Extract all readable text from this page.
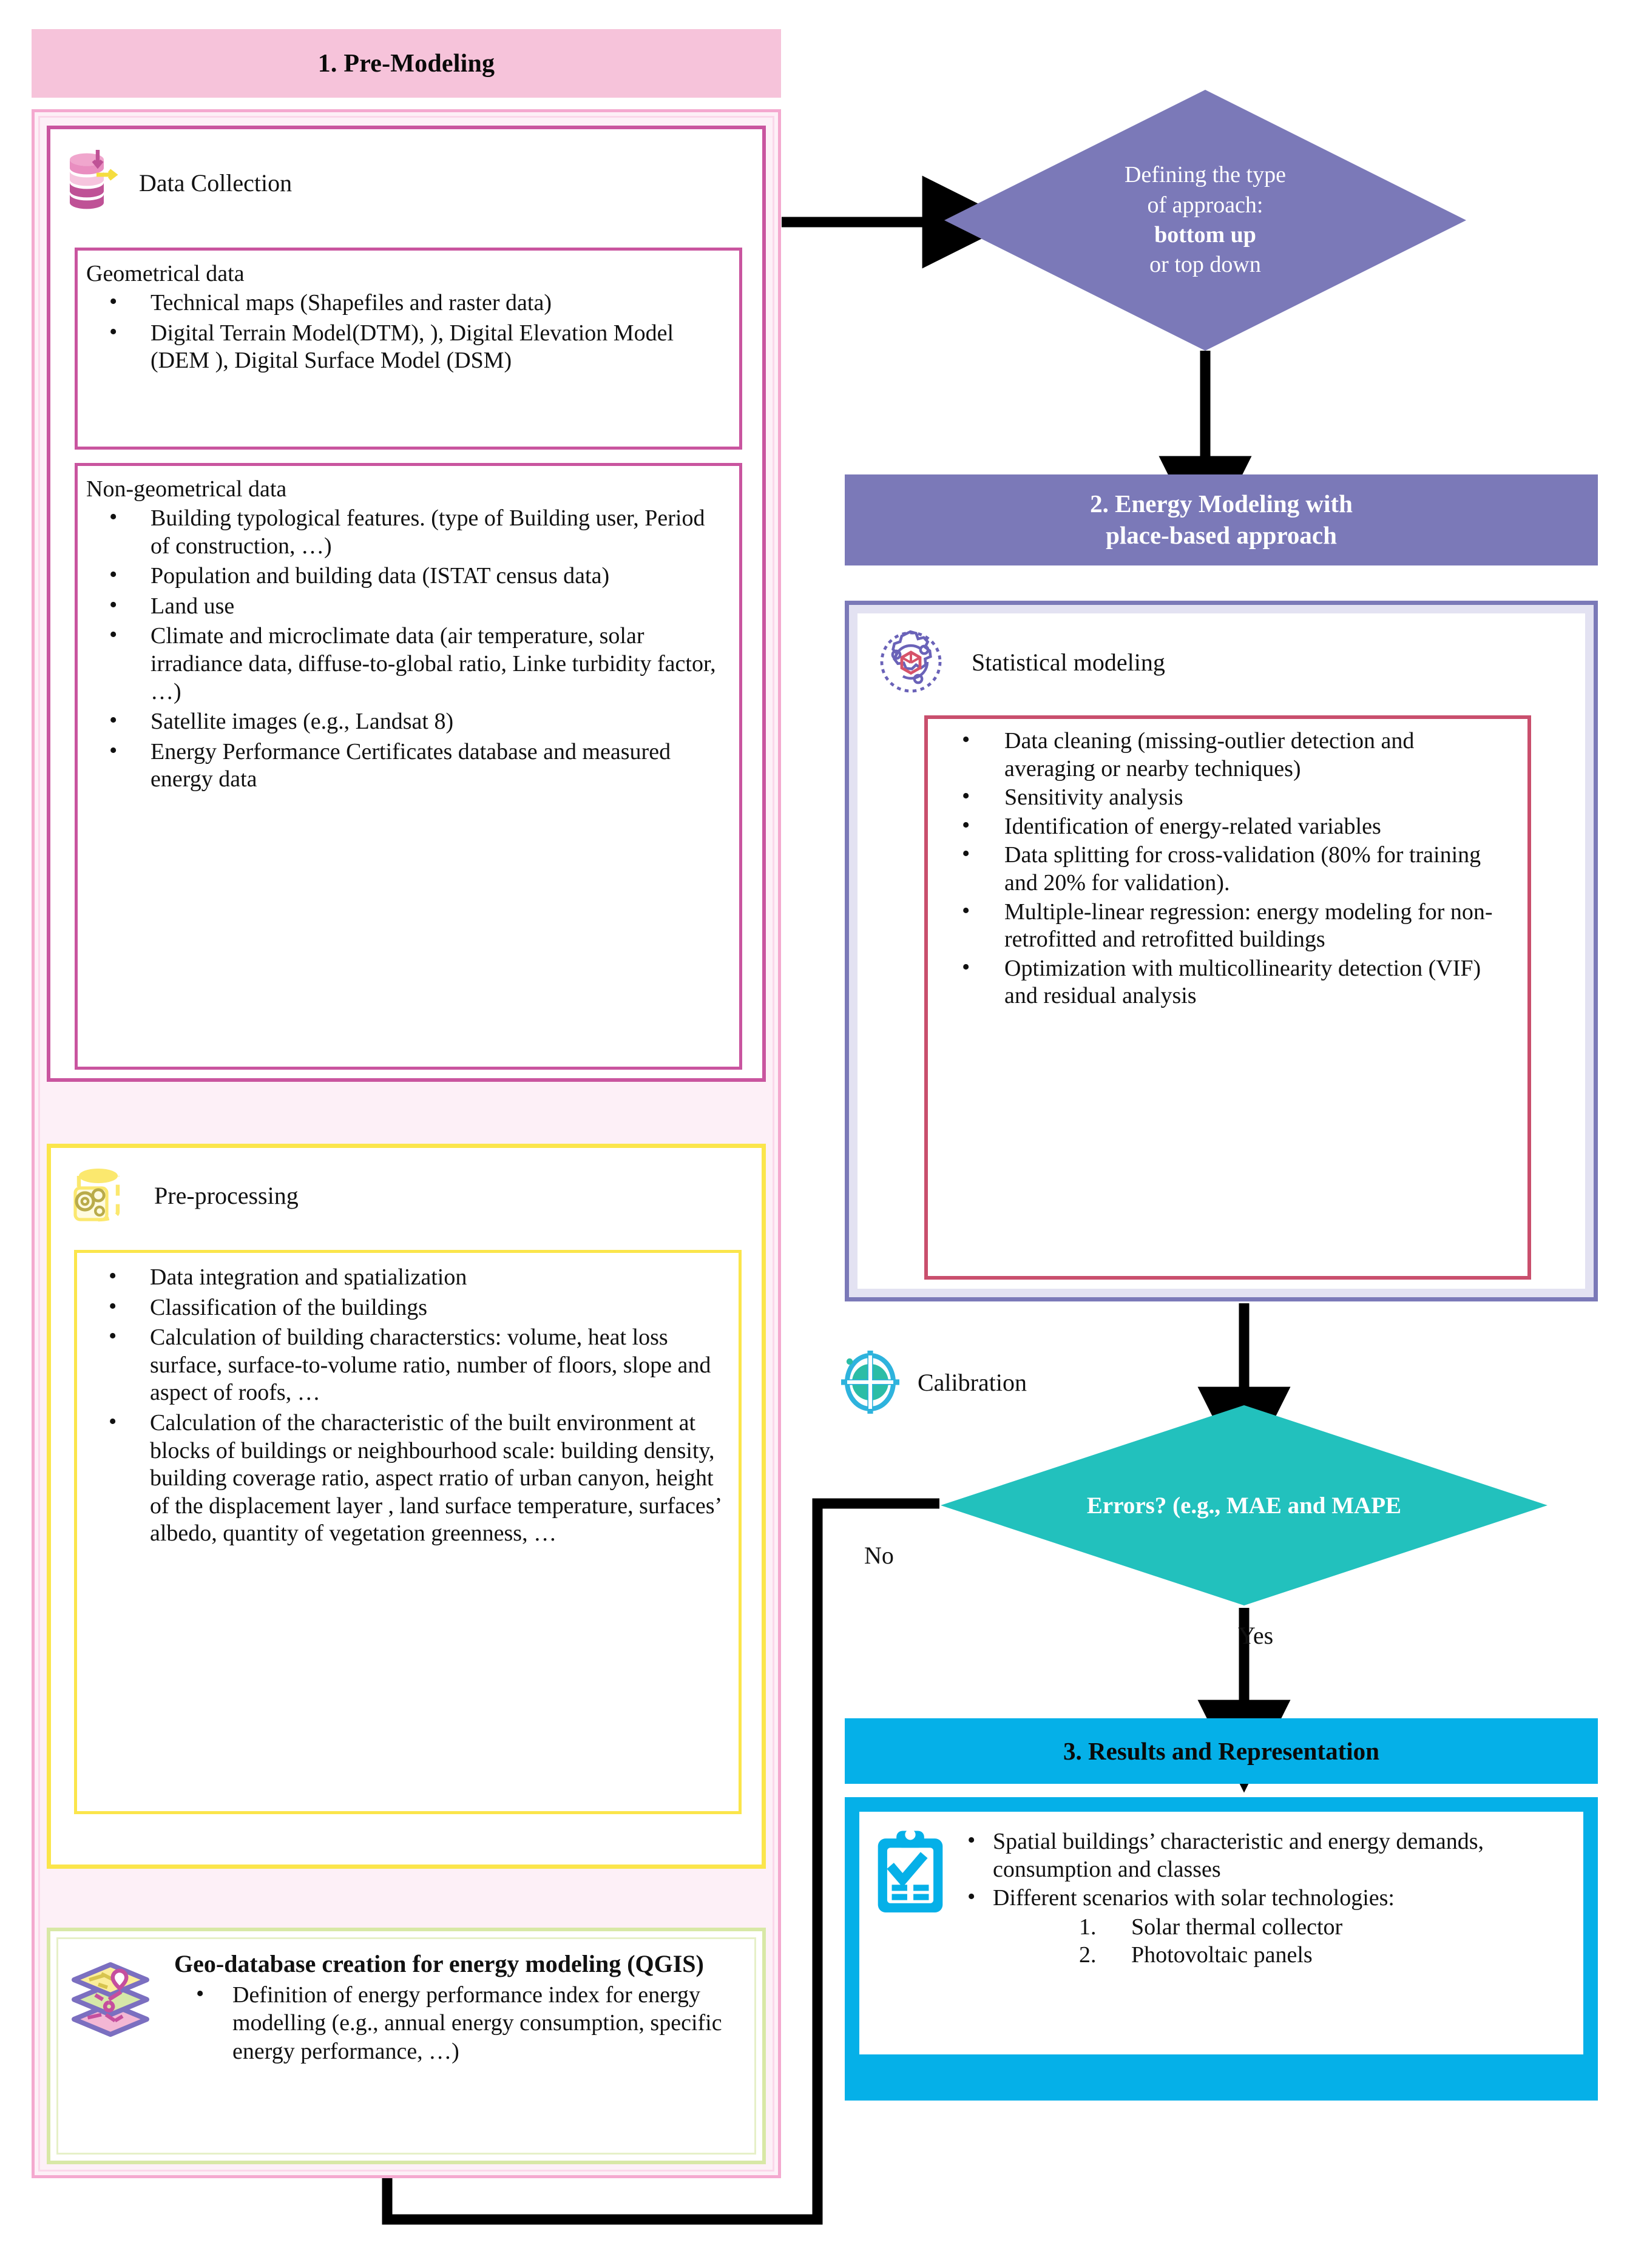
1. Pre-Modeling
Data Collection
Geometrical data
• Technical maps (Shapefiles and raster data)
• Digital Terrain Model(DTM), ), Digital Elevation Model (DEM ), Digital Surface Model (DSM)
Non-geometrical data
• Building typological features. (type of Building user, Period of construction, …)
• Population and building data (ISTAT census data)
• Land use
• Climate and microclimate data (air temperature, solar irradiance data, diffuse-to-global ratio, Linke turbidity factor, …)
• Satellite images (e.g., Landsat 8)
• Energy Performance Certificates database and measured energy data
Pre-processing
• Data integration and spatialization
• Classification of the buildings
• Calculation of building characterstics: volume, heat loss surface, surface-to-volume ratio, number of floors, slope and aspect of roofs, …
• Calculation of the characteristic of the built environment at blocks of buildings or neighbourhood scale: building density, building coverage ratio, aspect rratio of urban canyon, height of the displacement layer , land surface temperature, surfaces’ albedo, quantity of vegetation greenness, …
Geo-database creation for energy modeling (QGIS)
• Definition of energy performance index for energy modelling (e.g., annual energy consumption, specific energy performance, …)
Defining the type
of approach:
bottom up
or top down
2. Energy Modeling with
place-based approach
Statistical modeling
• Data cleaning (missing-outlier detection and averaging or nearby techniques)
• Sensitivity analysis
• Identification of energy-related variables
• Data splitting for cross-validation (80% for training and 20% for validation).
• Multiple-linear regression: energy modeling for non-retrofitted and retrofitted buildings
• Optimization with multicollinearity detection (VIF) and residual analysis
Calibration
Errors? (e.g., MAE and MAPE
No
Yes
3. Results and Representation
• Spatial buildings’ characteristic and energy demands, consumption and classes
• Different scenarios with solar technologies:
Solar thermal collector
Photovoltaic panels
